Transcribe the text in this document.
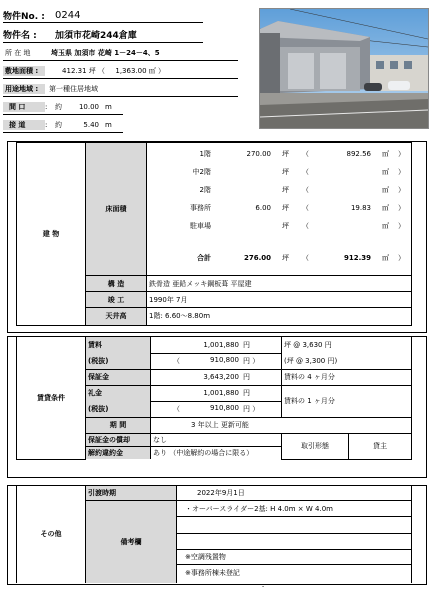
物件No. :	0244
物件名 :	加須市花崎244倉庫
所 在 地	埼玉県 加須市 花崎 1－24－4、5
敷地面積 :	412.31 坪 （	1,363.00 ㎡ ）
用途地域 :	第一種住居地域
間 口	:	約	10.00 m
接 道	:	約	5.40 m
建 物	
床面積	
1階	270.00	坪	（	892.56	㎡	）
中2階	坪	（	㎡	）
2階	坪	（	㎡	）
事務所	6.00	坪	（	19.83	㎡	）
駐車場	坪	（	㎡	）
合計	276.00	坪	（	912.39	㎡	）

構 造	鉄骨造 亜鉛メッキ鋼板葺 平屋建
竣 工	1990年 7月
天井高	1階: 6.60～8.80m
賃貸条件	賃料	1,001,880	円	坪 @ 3,630 円	
	(税抜)	（ 910,800	円 ）	(坪 @ 3,300 円)	
	保証金	3,643,200	円	賃料の 4 ヶ月分	
	礼金	1,001,880	円	賃料の 1 ヶ月分	
	(税抜)	（ 910,800	円 ）		
	期 間	3 年以上 更新可能			
	保証金の償却	なし		取引形態	貸主
	解約違約金	あり （中途解約の場合に限る）			
その他	引渡時期	2022年9月1日
	備考欄	・オーバースライダー2基: H 4.0m × W 4.0m
※空調残置物
※事務所棟未登記
-
